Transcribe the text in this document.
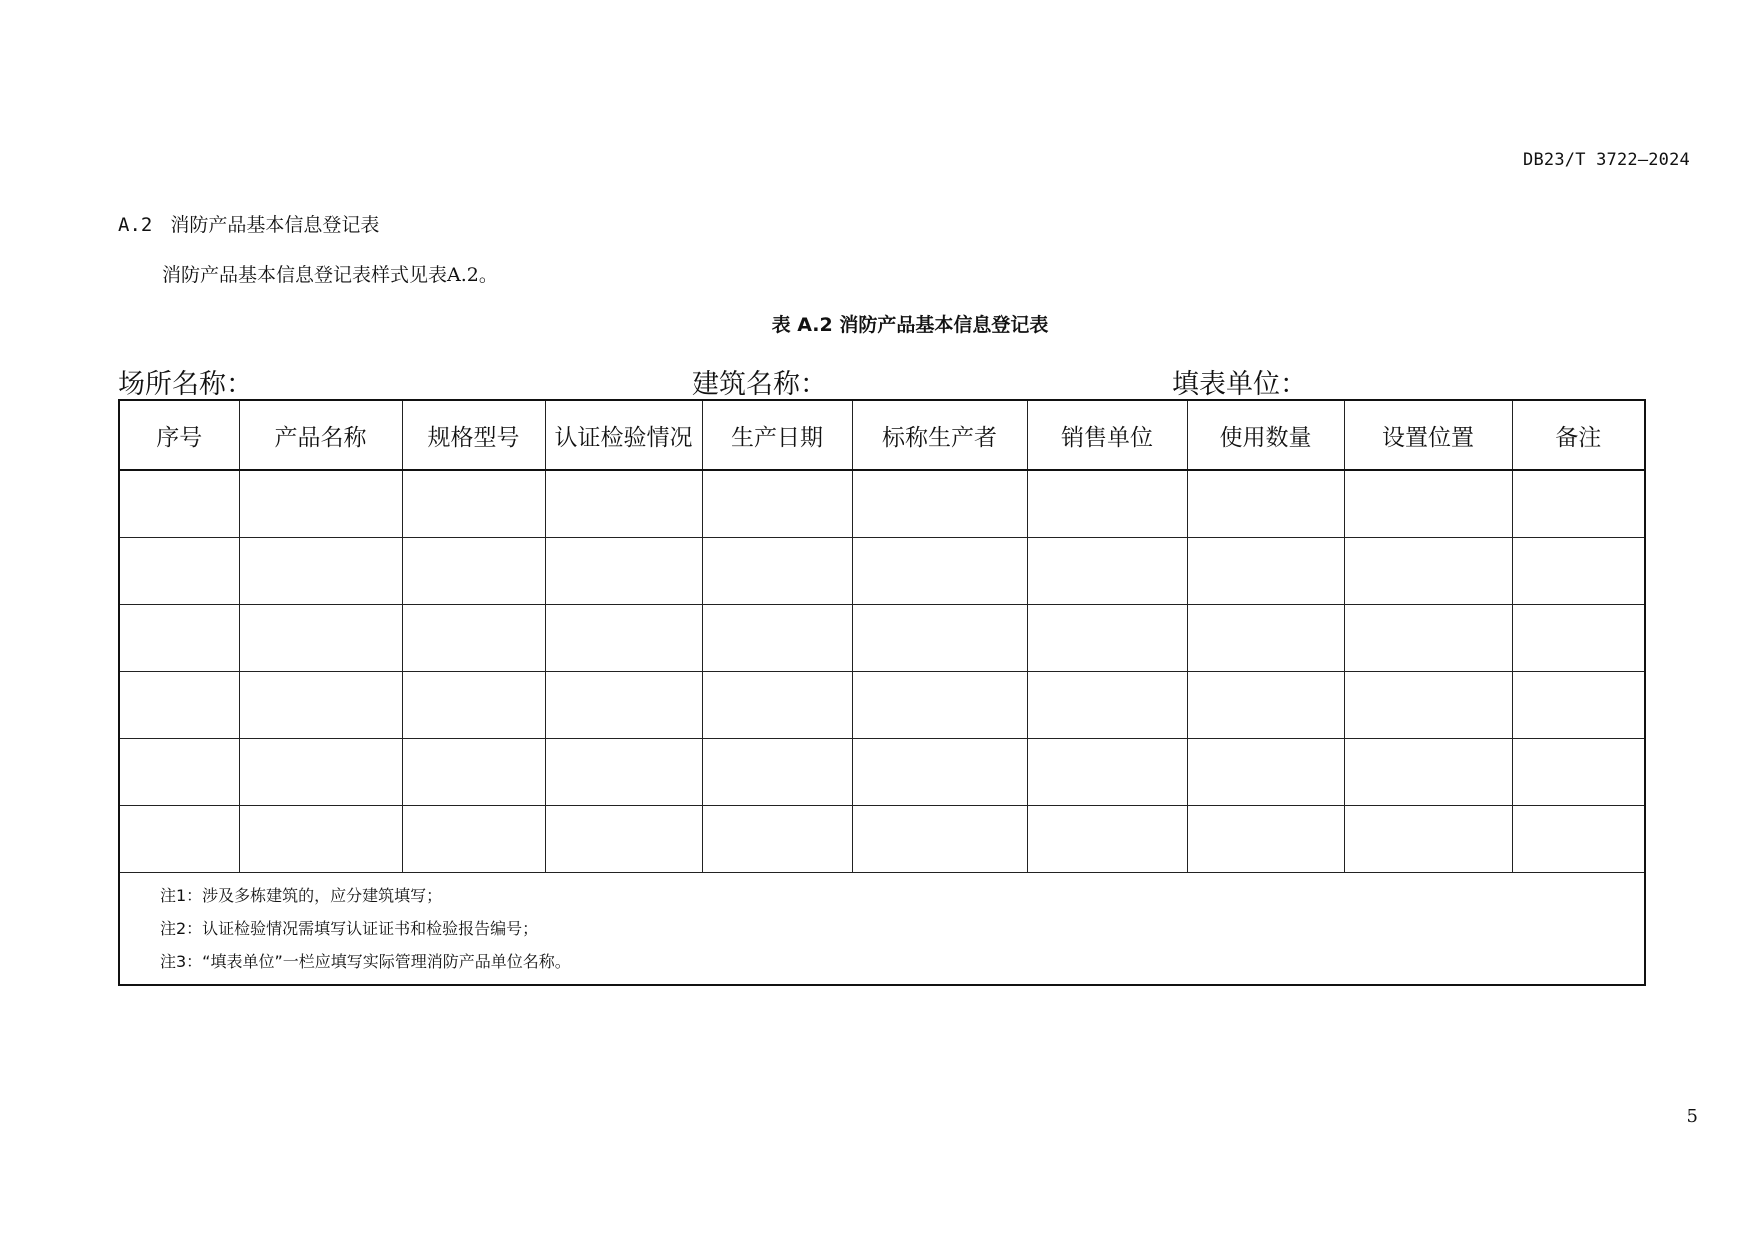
DB23/T 3722—2024
A.2 消防产品基本信息登记表
消防产品基本信息登记表样式见表A.2。
表 A.2 消防产品基本信息登记表
场所名称：	建筑名称：	填表单位：
序号	产品名称	规格型号	认证检验情况	生产日期	标称生产者	销售单位	使用数量	设置位置	备注

注1：涉及多栋建筑的，应分建筑填写；
注2：认证检验情况需填写认证证书和检验报告编号；
注3：“填表单位”一栏应填写实际管理消防产品单位名称。									
5
